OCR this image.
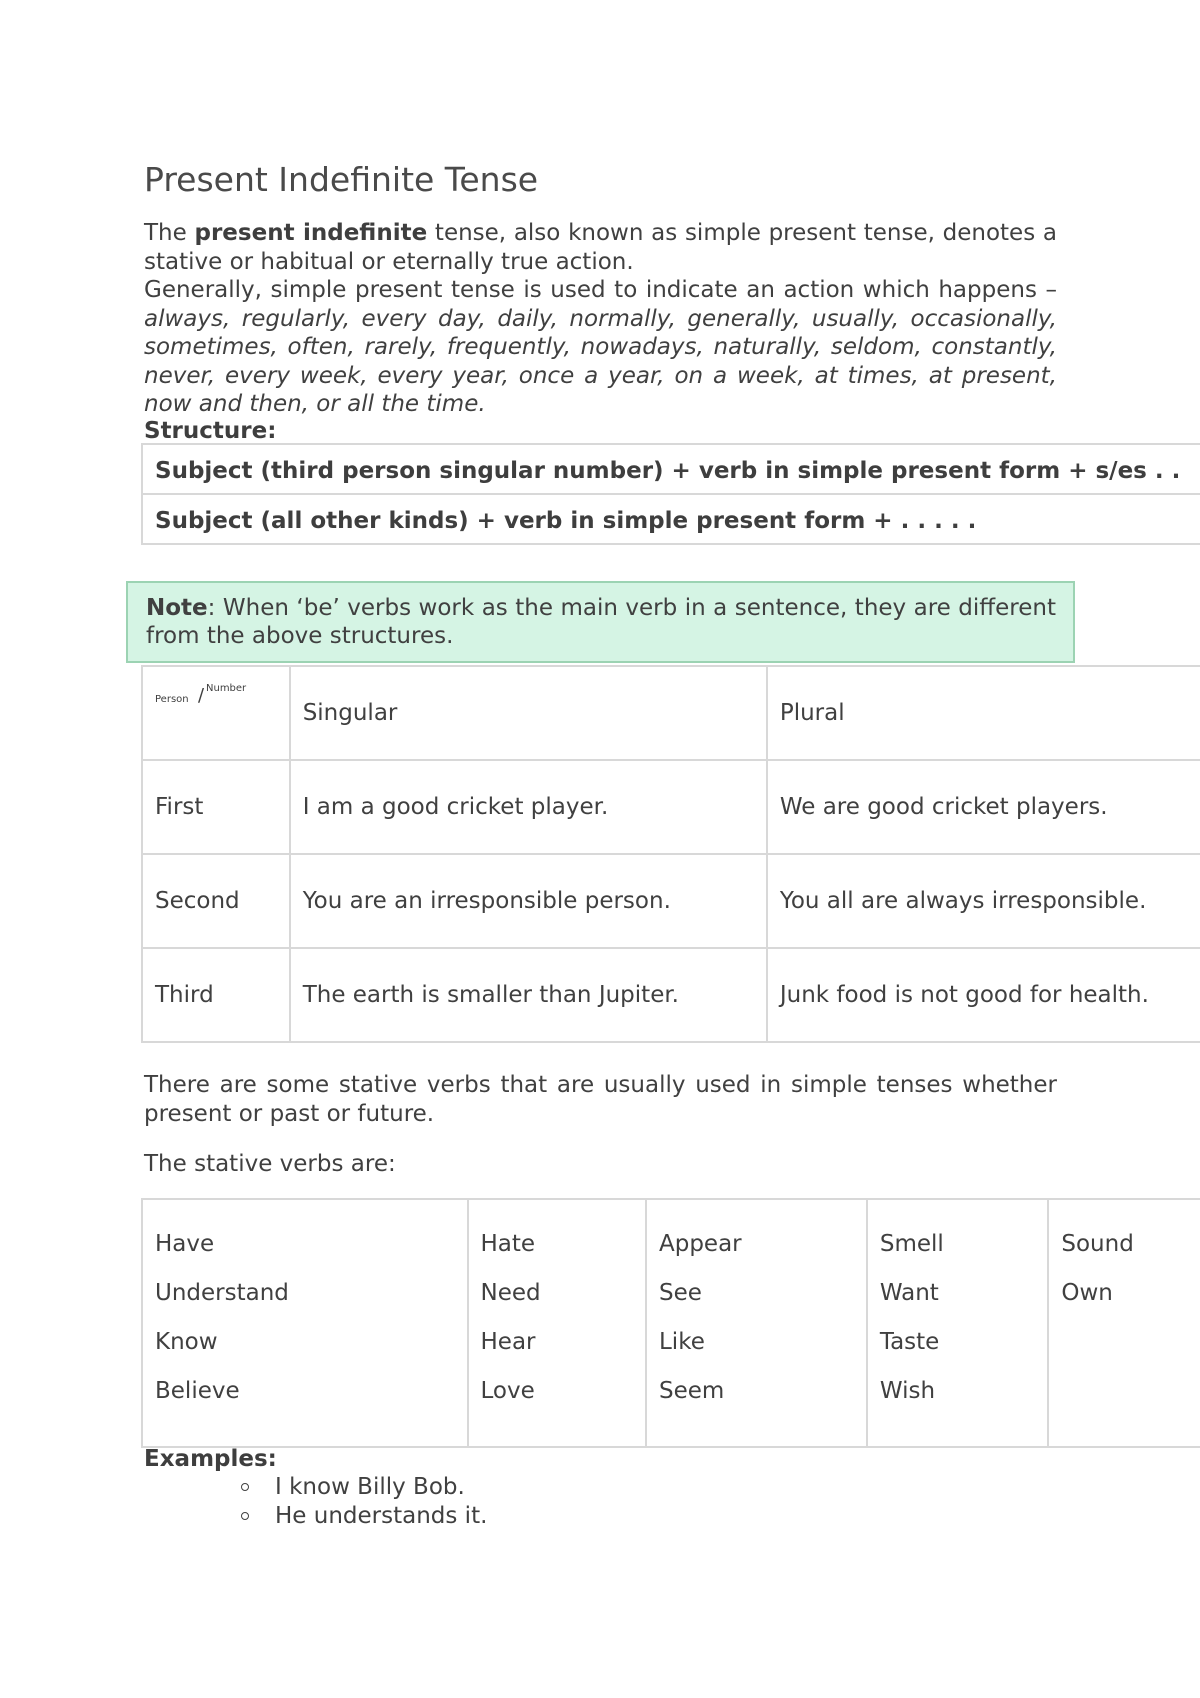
Present Indefinite Tense

The present indefinite tense, also known as simple present tense, denotes a stative or habitual or eternally true action.

Generally, simple present tense is used to indicate an action which happens – always, regularly, every day, daily, normally, generally, usually, occasionally, sometimes, often, rarely, frequently, nowadays, naturally, seldom, constantly, never, every week, every year, once a year, on a week, at times, at present, now and then, or all the time.

Structure:

Subject (third person singular number) + verb in simple present form + s/es . .
Subject (all other kinds) + verb in simple present form + . . . . .
Note: When ‘be’ verbs work as the main verb in a sentence, they are different from the above structures.
Person / Number	Singular	Plural
First	I am a good cricket player.	We are good cricket players.
Second	You are an irresponsible person.	You all are always irresponsible.
Third	The earth is smaller than Jupiter.	Junk food is not good for health.

There are some stative verbs that are usually used in simple tenses whether present or past or future.

The stative verbs are:

Have
Understand
Know
Believe

Hate
Need
Hear
Love

Appear
See
Like
Seem

Smell
Want
Taste
Wish

Sound
Own

Examples:

I know Billy Bob.
He understands it.
